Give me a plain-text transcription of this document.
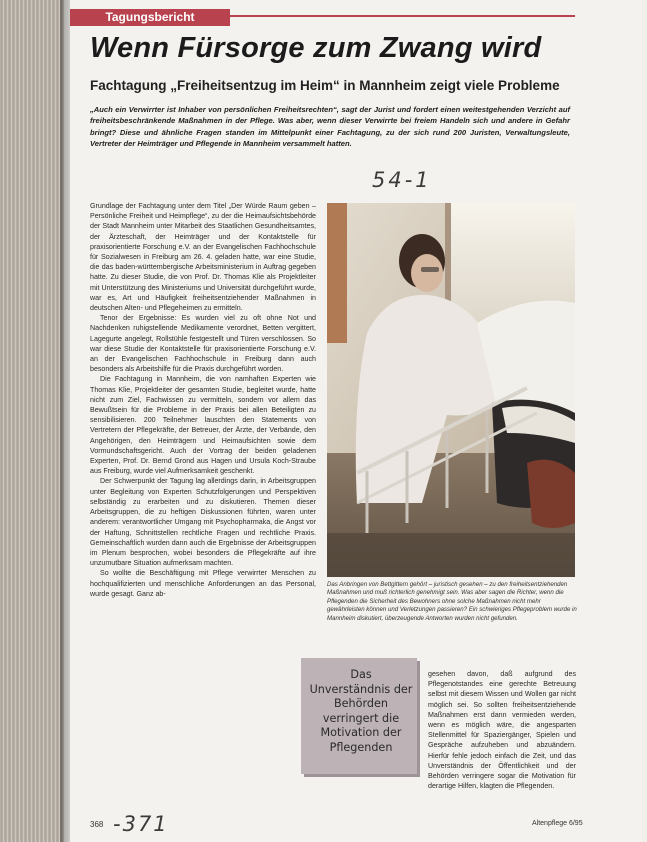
Tagungsbericht
Wenn Fürsorge zum Zwang wird
Fachtagung „Freiheitsentzug im Heim“ in Mannheim zeigt viele Probleme

„Auch ein Verwirrter ist Inhaber von persönlichen Freiheitsrechten“, sagt der Jurist und fordert einen weitestgehenden Verzicht auf freiheitsbeschränkende Maßnahmen in der Pflege. Was aber, wenn dieser Verwirrte bei freiem Handeln sich und andere in Gefahr bringt? Diese und ähnliche Fragen standen im Mittelpunkt einer Fachtagung, zu der sich rund 200 Juristen, Verwaltungsleute, Vertreter der Heimträger und Pflegende in Mannheim versammelt hatten.

54-1

Grundlage der Fachtagung unter dem Titel „Der Würde Raum geben – Persönliche Freiheit und Heimpflege“, zu der die Heimaufsichtsbehörde der Stadt Mannheim unter Mitarbeit des Staatlichen Gesundheitsamtes, der Ärzteschaft, der Heimträger und der Kontaktstelle für praxisorientierte Forschung e.V. an der Evangelischen Fachhochschule für Sozialwesen in Freiburg am 26. 4. geladen hatte, war eine Studie, die das baden-württembergische Arbeitsministerium in Auftrag gegeben hatte. Zu dieser Studie, die von Prof. Dr. Thomas Klie als Projektleiter mit Unterstützung des Ministeriums und Universität durchgeführt wurde, war es, Art und Häufigkeit freiheitsentziehender Maßnahmen in deutschen Alten- und Pflegeheimen zu ermitteln.

Tenor der Ergebnisse: Es wurden viel zu oft ohne Not und Nachdenken ruhigstellende Medikamente verordnet, Betten vergittert, Lagegurte angelegt, Rollstühle festgestellt und Türen verschlossen. So war diese Studie der Kontaktstelle für praxisorientierte Forschung e.V. an der Evangelischen Fachhochschule in Freiburg dann auch besonders als Arbeitshilfe für die Praxis durchgeführt worden.

Die Fachtagung in Mannheim, die von namhaften Experten wie Thomas Klie, Projektleiter der gesamten Studie, begleitet wurde, hatte nicht zum Ziel, Fachwissen zu vermitteln, sondern vor allem das Bewußtsein für die Probleme in der Praxis bei allen Beteiligten zu sensibilisieren. 200 Teilnehmer lauschten den Statements von Vertretern der Pflegekräfte, der Betreuer, der Ärzte, der Verbände, den Angehörigen, den Heimträgern und Heimaufsichten sowie dem Vormundschaftsgericht. Auch der Vortrag der beiden geladenen Experten, Prof. Dr. Bernd Grond aus Hagen und Ursula Koch-Straube aus Freiburg, wurde viel Aufmerksamkeit geschenkt.

Der Schwerpunkt der Tagung lag allerdings darin, in Arbeitsgruppen unter Begleitung von Experten Schutzfolgerungen und Perspektiven selbständig zu erarbeiten und zu diskutieren. Themen dieser Arbeitsgruppen, die zu heftigen Diskussionen führten, waren unter anderem: verantwortlicher Umgang mit Psychopharmaka, die Angst vor der Haftung, Schnittstellen rechtliche Fragen und rechtliche Praxis. Gemeinschaftlich wurden dann auch die Ergebnisse der Arbeitsgruppen im Plenum besprochen, wobei besonders die Pflegekräfte auf ihre unzumutbare Situation aufmerksam machten.

So wollte die Beschäftigung mit Pflege verwirrter Menschen zu hochqualifizierten und menschliche Anforderungen an das Personal, wurde gesagt. Ganz ab-

Das Anbringen von Bettgittern gehört – juristisch gesehen – zu den freiheitsentziehenden Maßnahmen und muß richterlich genehmigt sein. Was aber sagen die Richter, wenn die Pflegenden die Sicherheit des Bewohners ohne solche Maßnahmen nicht mehr gewährleisten können und Verletzungen passieren? Ein schwieriges Pflegeproblem wurde in Mannheim diskutiert, überzeugende Antworten wurden nicht gefunden.

Das Unverständnis der Behörden verringert die Motivation der Pflegenden

gesehen davon, daß aufgrund des Pflegenotstandes eine gerechte Betreuung selbst mit diesem Wissen und Wollen gar nicht möglich sei. So sollten freiheitsentziehende Maßnahmen erst dann vermieden werden, wenn es möglich wäre, die angesparten Stellenmittel für Spaziergänger, Spielen und Gespräche aufzuheben und abzuändern. Hierfür fehle jedoch einfach die Zeit, und das Unverständnis der Öffentlichkeit und der Behörden verringere sogar die Motivation für derartige Hilfen, klagten die Pflegenden.

368 -371	Altenpflege 6/95
